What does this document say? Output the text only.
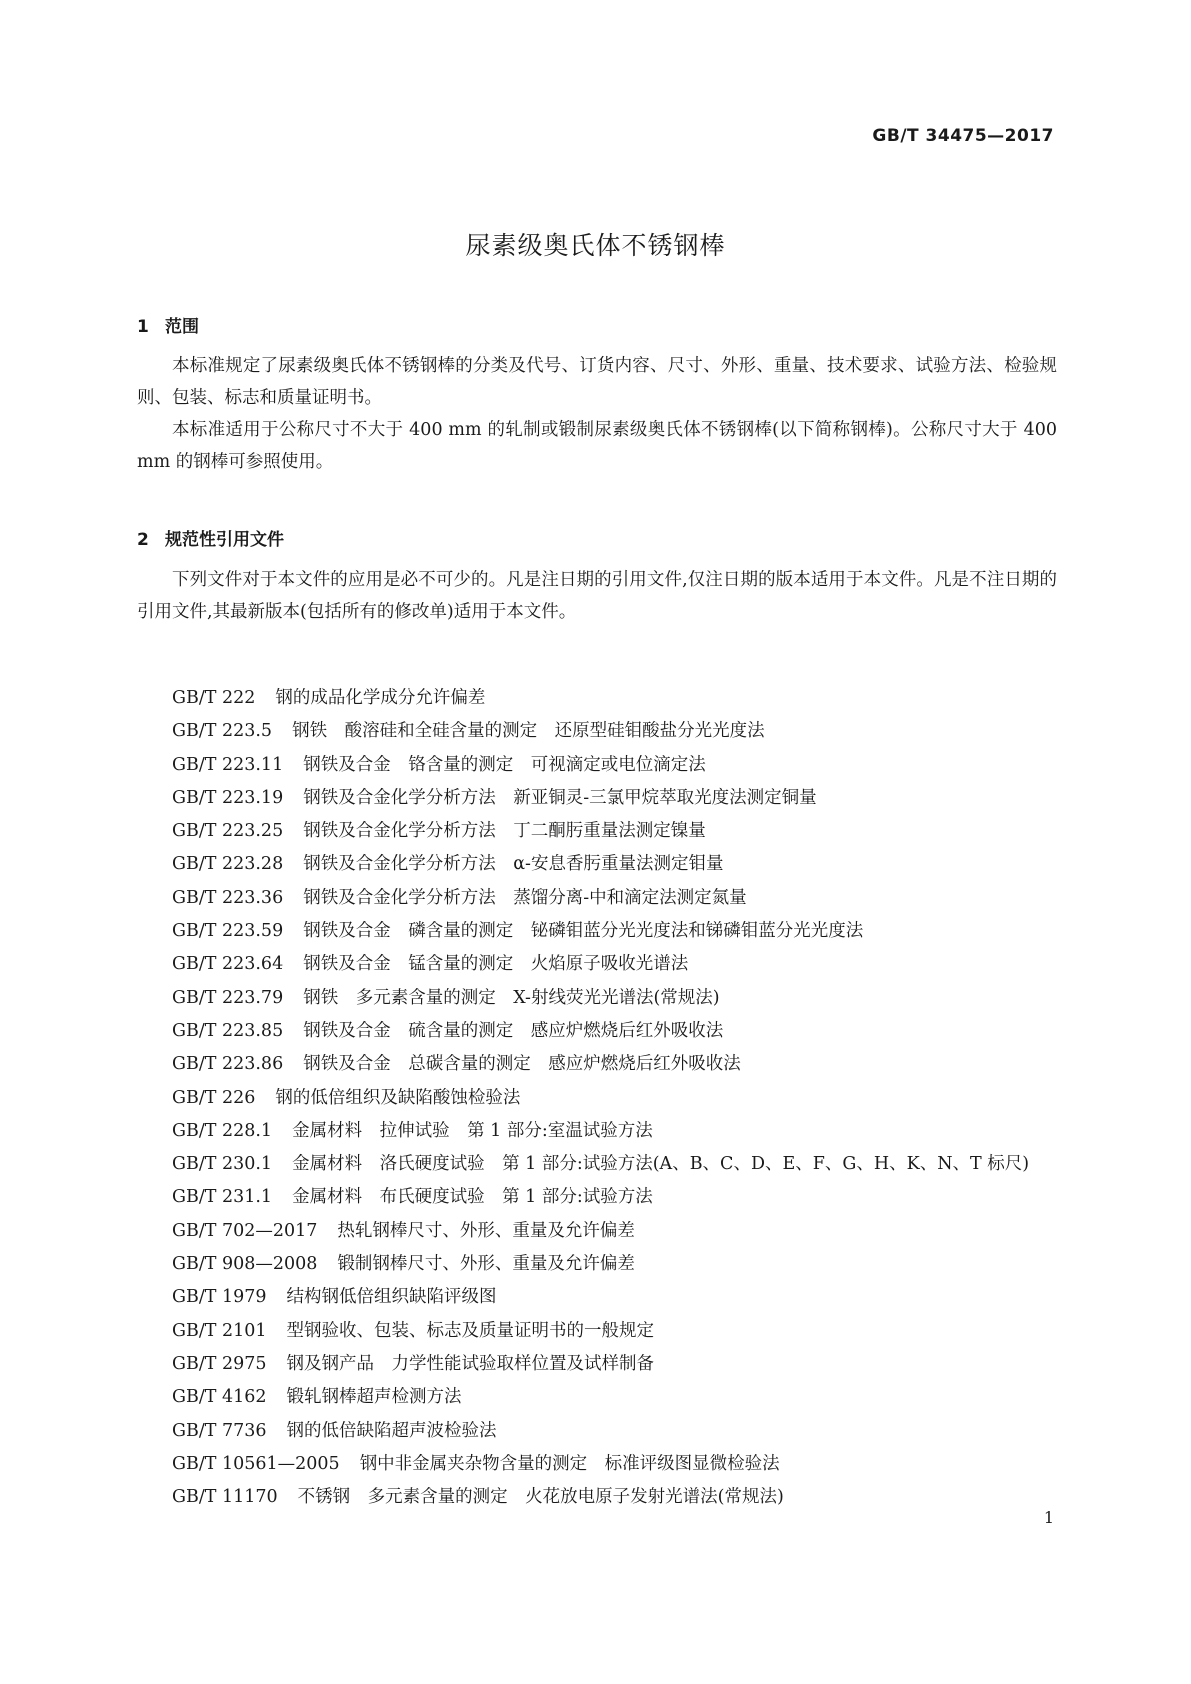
GB/T 34475—2017
尿素级奥氏体不锈钢棒
1 范围

本标准规定了尿素级奥氏体不锈钢棒的分类及代号、订货内容、尺寸、外形、重量、技术要求、试验方法、检验规则、包装、标志和质量证明书。

本标准适用于公称尺寸不大于 400 mm 的轧制或锻制尿素级奥氏体不锈钢棒(以下简称钢棒)。公称尺寸大于 400 mm 的钢棒可参照使用。

2 规范性引用文件

下列文件对于本文件的应用是必不可少的。凡是注日期的引用文件,仅注日期的版本适用于本文件。凡是不注日期的引用文件,其最新版本(包括所有的修改单)适用于本文件。

GB/T 222 钢的成品化学成分允许偏差
GB/T 223.5 钢铁　酸溶硅和全硅含量的测定　还原型硅钼酸盐分光光度法
GB/T 223.11 钢铁及合金　铬含量的测定　可视滴定或电位滴定法
GB/T 223.19 钢铁及合金化学分析方法　新亚铜灵-三氯甲烷萃取光度法测定铜量
GB/T 223.25 钢铁及合金化学分析方法　丁二酮肟重量法测定镍量
GB/T 223.28 钢铁及合金化学分析方法　α-安息香肟重量法测定钼量
GB/T 223.36 钢铁及合金化学分析方法　蒸馏分离-中和滴定法测定氮量
GB/T 223.59 钢铁及合金　磷含量的测定　铋磷钼蓝分光光度法和锑磷钼蓝分光光度法
GB/T 223.64 钢铁及合金　锰含量的测定　火焰原子吸收光谱法
GB/T 223.79 钢铁　多元素含量的测定　X-射线荧光光谱法(常规法)
GB/T 223.85 钢铁及合金　硫含量的测定　感应炉燃烧后红外吸收法
GB/T 223.86 钢铁及合金　总碳含量的测定　感应炉燃烧后红外吸收法
GB/T 226 钢的低倍组织及缺陷酸蚀检验法
GB/T 228.1 金属材料　拉伸试验　第 1 部分:室温试验方法
GB/T 230.1 金属材料　洛氏硬度试验　第 1 部分:试验方法(A、B、C、D、E、F、G、H、K、N、T 标尺)
GB/T 231.1 金属材料　布氏硬度试验　第 1 部分:试验方法
GB/T 702—2017 热轧钢棒尺寸、外形、重量及允许偏差
GB/T 908—2008 锻制钢棒尺寸、外形、重量及允许偏差
GB/T 1979 结构钢低倍组织缺陷评级图
GB/T 2101 型钢验收、包装、标志及质量证明书的一般规定
GB/T 2975 钢及钢产品　力学性能试验取样位置及试样制备
GB/T 4162 锻轧钢棒超声检测方法
GB/T 7736 钢的低倍缺陷超声波检验法
GB/T 10561—2005 钢中非金属夹杂物含量的测定　标准评级图显微检验法
GB/T 11170 不锈钢　多元素含量的测定　火花放电原子发射光谱法(常规法)
1
